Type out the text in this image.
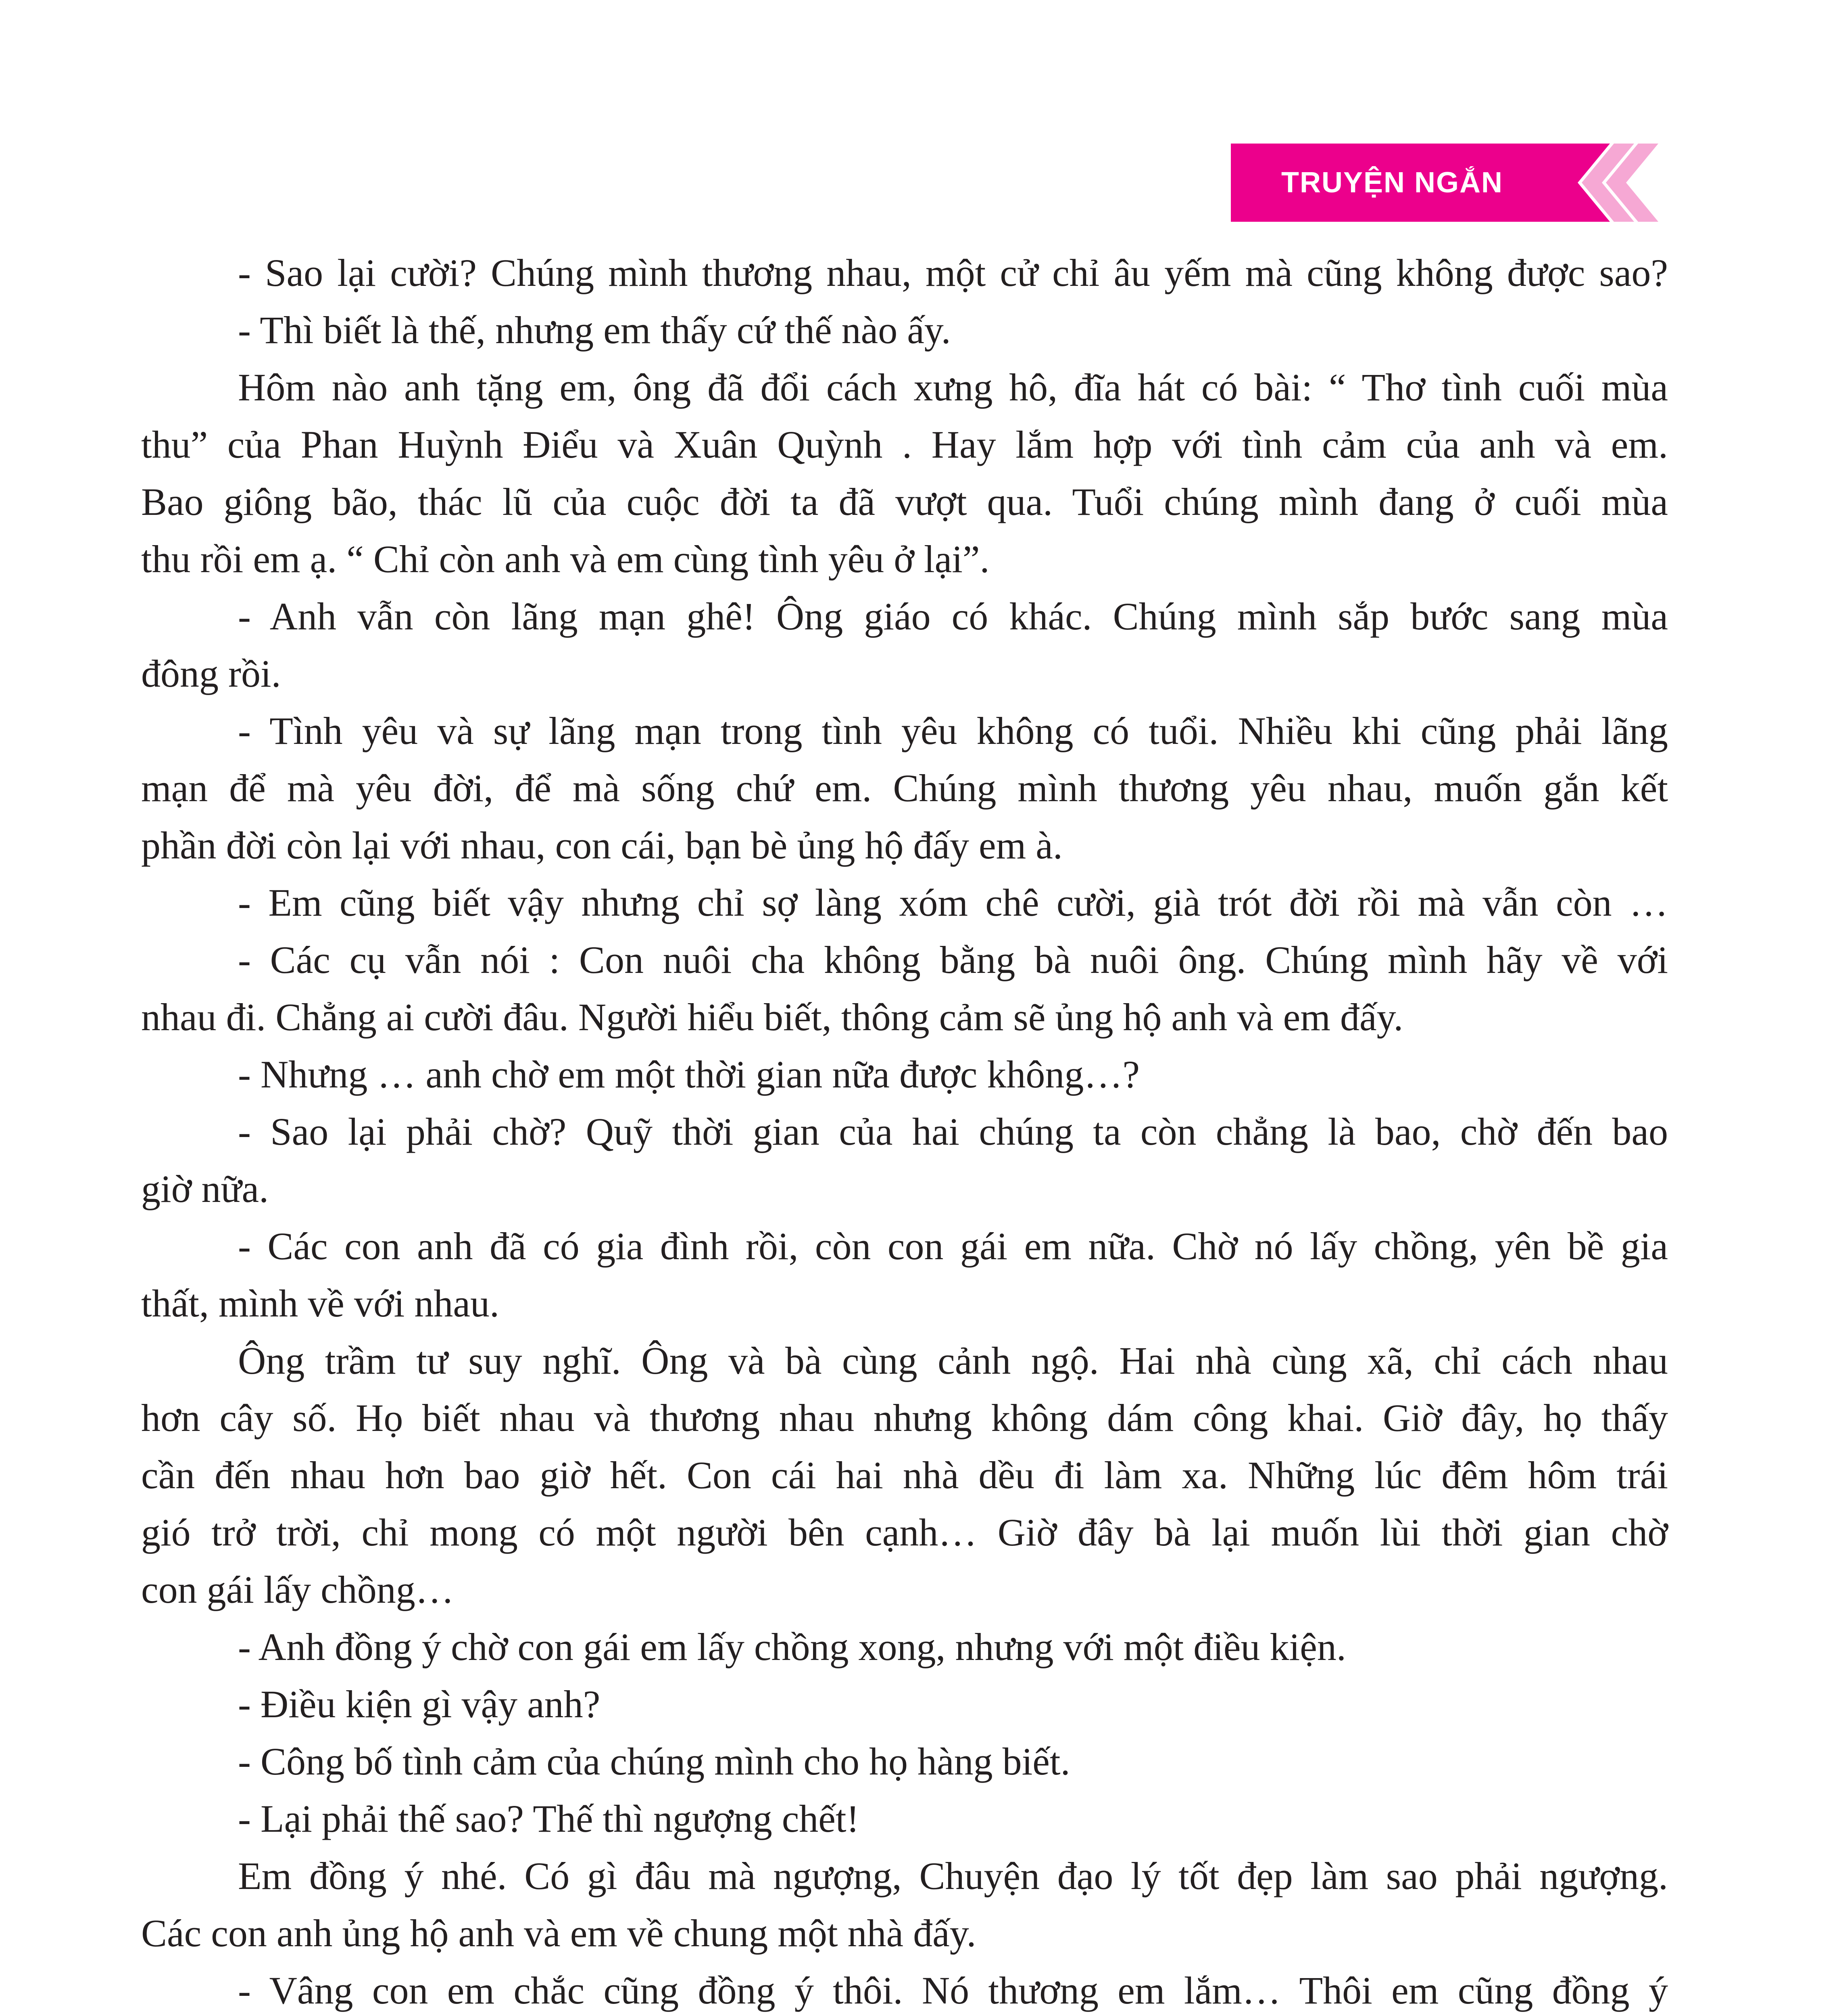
TRUYỆN NGẮN
- Sao lại cười? Chúng mình thương nhau, một cử chỉ âu yếm mà cũng không được sao?
- Thì biết là thế, nhưng em thấy cứ thế nào ấy.
Hôm nào anh tặng em, ông đã đổi cách xưng hô, đĩa hát có bài: “ Thơ tình cuối mùa
thu” của Phan Huỳnh Điểu và Xuân Quỳnh . Hay lắm hợp với tình cảm của anh và em.
Bao giông bão, thác lũ của cuộc đời ta đã vượt qua. Tuổi chúng mình đang ở cuối mùa
thu rồi em ạ. “ Chỉ còn anh và em cùng tình yêu ở lại”.
- Anh vẫn còn lãng mạn ghê! Ông giáo có khác. Chúng mình sắp bước sang mùa
đông rồi.
- Tình yêu và sự lãng mạn trong tình yêu không có tuổi. Nhiều khi cũng phải lãng
mạn để mà yêu đời, để mà sống chứ em. Chúng mình thương yêu nhau, muốn gắn kết
phần đời còn lại với nhau, con cái, bạn bè ủng hộ đấy em à.
- Em cũng biết vậy nhưng chỉ sợ làng xóm chê cười, già trót đời rồi mà vẫn còn …
- Các cụ vẫn nói : Con nuôi cha không bằng bà nuôi ông. Chúng mình hãy về với
nhau đi. Chẳng ai cười đâu. Người hiểu biết, thông cảm sẽ ủng hộ anh và em đấy.
- Nhưng … anh chờ em một thời gian nữa được không…?
- Sao lại phải chờ? Quỹ thời gian của hai chúng ta còn chẳng là bao, chờ đến bao
giờ nữa.
- Các con anh đã có gia đình rồi, còn con gái em nữa. Chờ nó lấy chồng, yên bề gia
thất, mình về với nhau.
Ông trầm tư suy nghĩ. Ông và bà cùng cảnh ngộ. Hai nhà cùng xã, chỉ cách nhau
hơn cây số. Họ biết nhau và thương nhau nhưng không dám công khai. Giờ đây, họ thấy
cần đến nhau hơn bao giờ hết. Con cái hai nhà dều đi làm xa. Những lúc đêm hôm trái
gió trở trời, chỉ mong có một người bên cạnh… Giờ đây bà lại muốn lùi thời gian chờ
con gái lấy chồng…
- Anh đồng ý chờ con gái em lấy chồng xong, nhưng với một điều kiện.
- Điều kiện gì vậy anh?
- Công bố tình cảm của chúng mình cho họ hàng biết.
- Lại phải thế sao? Thế thì ngượng chết!
Em đồng ý nhé. Có gì đâu mà ngượng, Chuyện đạo lý tốt đẹp làm sao phải ngượng.
Các con anh ủng hộ anh và em về chung một nhà đấy.
- Vâng con em chắc cũng đồng ý thôi. Nó thương em lắm… Thôi em cũng đồng ý
